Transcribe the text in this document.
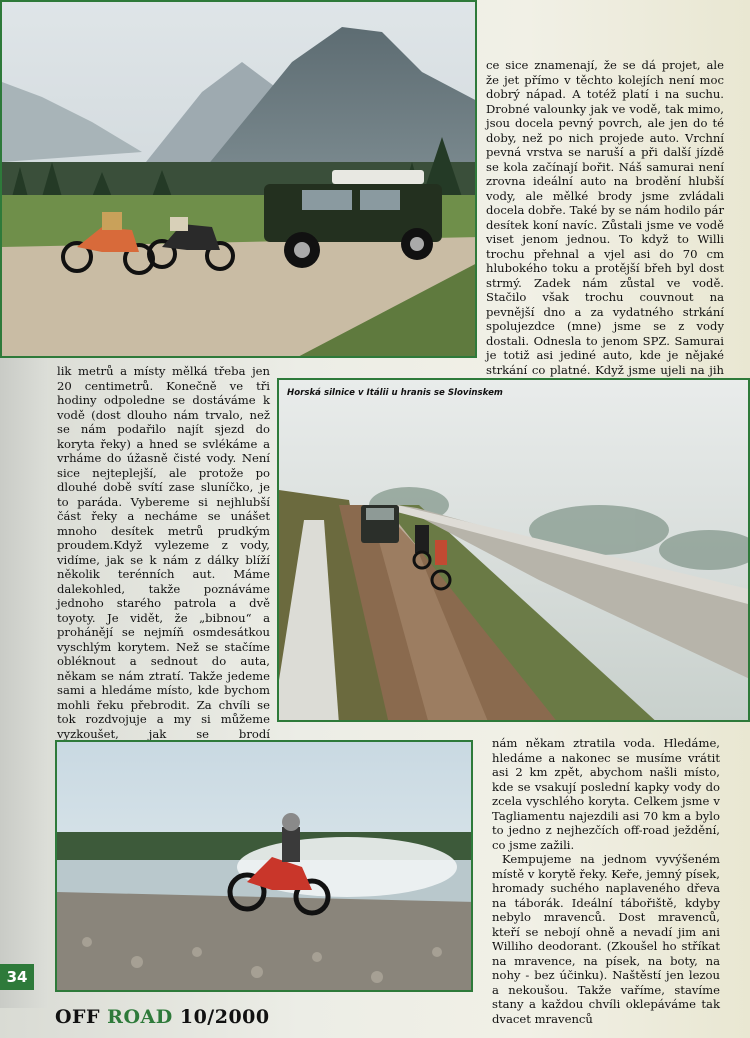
ce sice znamenají, že se dá projet, ale že jet přímo v těchto kolejích není moc dobrý nápad. A totéž platí i na suchu. Drobné valounky jak ve vodě, tak mimo, jsou docela pevný povrch, ale jen do té doby, než po nich projede auto. Vrchní pevná vrstva se naruší a při další jízdě se kola začínají bořit. Náš samurai není zrovna ideální auto na brodění hlubší vody, ale mělké brody jsme zvládali docela dobře. Také by se nám hodilo pár desítek koní navíc. Zůstali jsme ve vodě viset jenom jednou. To když to Willi trochu přehnal a vjel asi do 70 cm hlubokého toku a protější břeh byl dost strmý. Zadek nám zůstal ve vodě. Stačilo však trochu couvnout na pevnější dno a za vydatného strkání spolujezdce (mne) jsme se z vody dostali. Odnesla to jenom SPZ. Samurai je totiž asi jediné auto, kde je nějaké strkání co platné. Když jsme ujeli na jih

lik metrů a místy mělká třeba jen 20 centimetrů. Konečně ve tři hodiny odpoledne se dostáváme k vodě (dost dlouho nám trvalo, než se nám podařilo najít sjezd do koryta řeky) a hned se svlékáme a vrháme do úžasně čisté vody. Není sice nejteplejší, ale protože po dlouhé době svítí zase sluníčko, je to paráda. Vybereme si nejhlubší část řeky a necháme se unášet mnoho desítek metrů prudkým proudem.Když vylezeme z vody, vidíme, jak se k nám z dálky blíží několik terénních aut. Máme dalekohled, takže poznáváme jednoho starého patrola a dvě toyoty. Je vidět, že „bibnou“ a prohánějí se nejmíň osmdesátkou vyschlým korytem. Než se stačíme obléknout a sednout do auta, někam se nám ztratí. Takže jedeme sami a hledáme místo, kde bychom mohli řeku přebrodit. Za chvíli se tok rozdvojuje a my si můžeme vyzkoušet, jak se brodí

Horská silnice v Itálii u hranis se Slovinskem

nám někam ztratila voda. Hledáme, hledáme a nakonec se musíme vrátit asi 2 km zpět, abychom našli místo, kde se vsakují poslední kapky vody do zcela vyschlého koryta. Celkem jsme v Tagliamentu najezdili asi 70 km a bylo to jedno z nejhezčích off-road ježdění, co jsme zažili.

Kempujeme na jednom vyvýšeném místě v korytě řeky. Keře, jemný písek, hromady suchého naplaveného dřeva na táborák. Ideální tábořiště, kdyby nebylo mravenců. Dost mravenců, kteří se nebojí ohně a nevadí jim ani Williho deodorant. (Zkoušel ho stříkat na mravence, na písek, na boty, na nohy - bez účinku). Naštěstí jen lezou a nekoušou. Takže vaříme, stavíme stany a každou chvíli oklepáváme tak dvacet mravenců

34
OFF ROAD 10/2000
